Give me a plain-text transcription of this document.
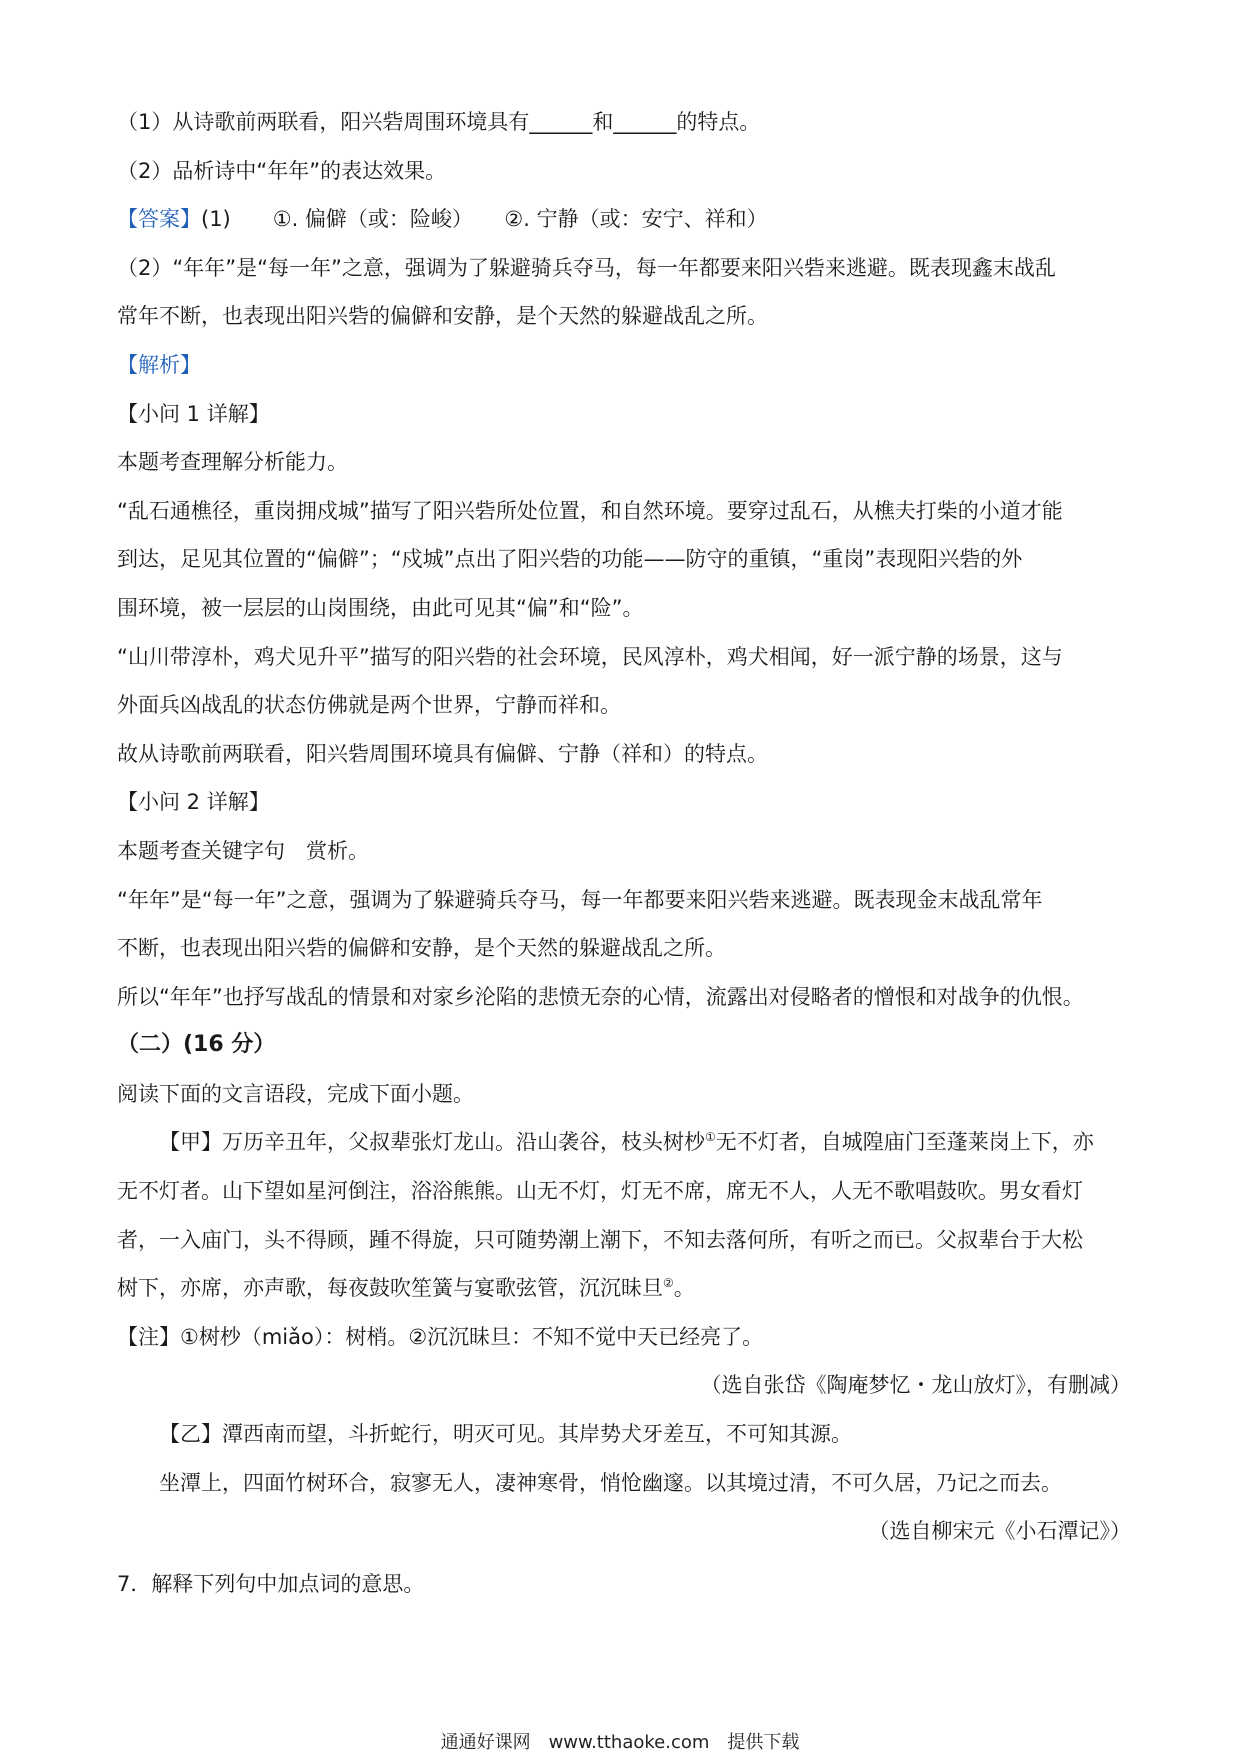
（1）从诗歌前两联看，阳兴砦周围环境具有______和______的特点。
（2）品析诗中“年年”的表达效果。
【答案】(1)　　①. 偏僻（或：险峻）　　②. 宁静（或：安宁、祥和）
（2）“年年”是“每一年”之意，强调为了躲避骑兵夺马，每一年都要来阳兴砦来逃避。既表现鑫末战乱
常年不断，也表现出阳兴砦的偏僻和安静，是个天然的躲避战乱之所。
【解析】
【小问 1 详解】
本题考查理解分析能力。
“乱石通樵径，重岗拥戍城”描写了阳兴砦所处位置，和自然环境。要穿过乱石，从樵夫打柴的小道才能
到达，足见其位置的“偏僻”；“戍城”点出了阳兴砦的功能——防守的重镇，“重岗”表现阳兴砦的外
围环境，被一层层的山岗围绕，由此可见其“偏”和“险”。
“山川带淳朴，鸡犬见升平”描写的阳兴砦的社会环境，民风淳朴，鸡犬相闻，好一派宁静的场景，这与
外面兵凶战乱的状态仿佛就是两个世界，宁静而祥和。
故从诗歌前两联看，阳兴砦周围环境具有偏僻、宁静（祥和）的特点。
【小问 2 详解】
本题考查关键字句　赏析。
“年年”是“每一年”之意，强调为了躲避骑兵夺马，每一年都要来阳兴砦来逃避。既表现金末战乱常年
不断，也表现出阳兴砦的偏僻和安静，是个天然的躲避战乱之所。
所以“年年”也抒写战乱的情景和对家乡沦陷的悲愤无奈的心情，流露出对侵略者的憎恨和对战争的仇恨。
（二）(16 分）
阅读下面的文言语段，完成下面小题。
【甲】万历辛丑年，父叔辈张灯龙山。沿山袭谷，枝头树杪①无不灯者，自城隍庙门至蓬莱岗上下，亦
无不灯者。山下望如星河倒注，浴浴熊熊。山无不灯，灯无不席，席无不人，人无不歌唱鼓吹。男女看灯
者，一入庙门，头不得顾，踵不得旋，只可随势潮上潮下，不知去落何所，有听之而已。父叔辈台于大松
树下，亦席，亦声歌，每夜鼓吹笙簧与宴歌弦管，沉沉昧旦②。
【注】①树杪（miǎo）：树梢。②沉沉昧旦：不知不觉中天已经亮了。
（选自张岱《陶庵梦忆・龙山放灯》，有删减）
【乙】潭西南而望，斗折蛇行，明灭可见。其岸势犬牙差互，不可知其源。
坐潭上，四面竹树环合，寂寥无人，凄神寒骨，悄怆幽邃。以其境过清，不可久居，乃记之而去。
（选自柳宋元《小石潭记》）
7．解释下列句中加点词的意思。
通通好课网　www.tthaoke.com　提供下载
